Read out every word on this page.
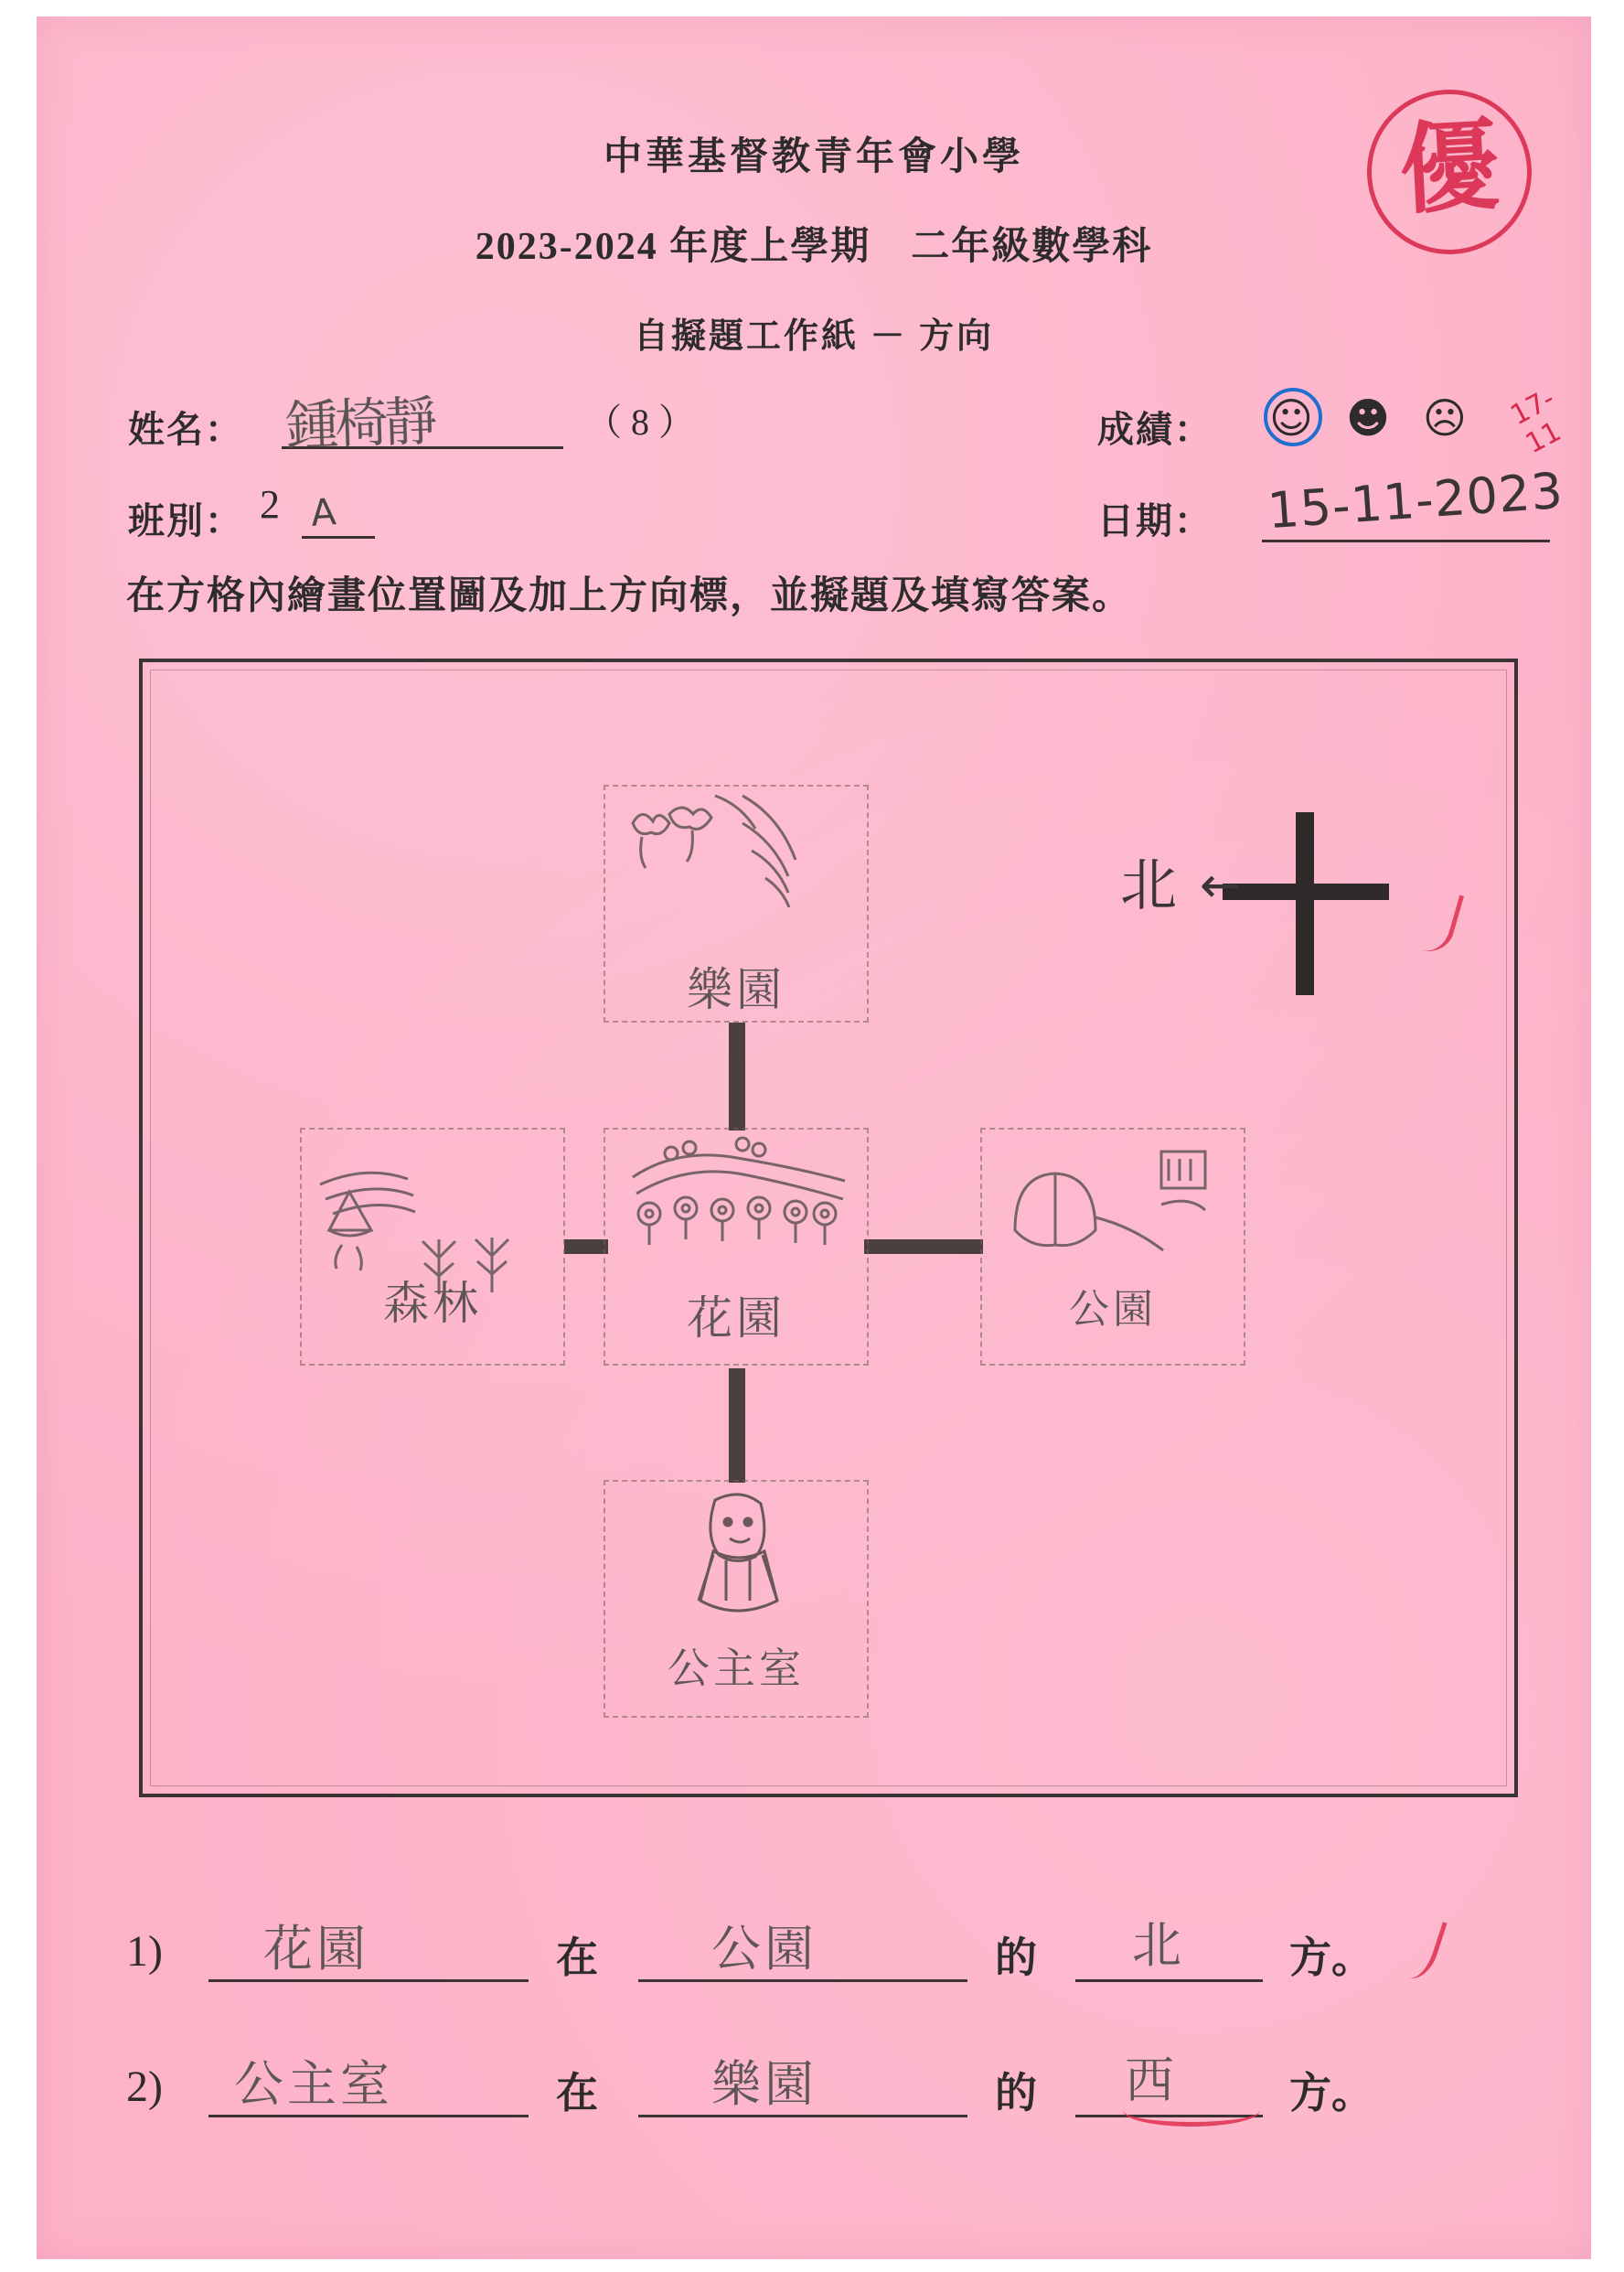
中華基督教青年會小學
2023-2024 年度上學期　二年級數學科
自擬題工作紙 － 方向
優
姓名： 鍾椅靜	（ 8 ）
班別： 2 A
成績： ☺☻☹
日期： 15-11-2023
17-11
在方格內繪畫位置圖及加上方向標，並擬題及填寫答案。
北 ←
樂園
森林	花園	公園
公主室
1) 花園	在 公園	的 北 方。
2) 公主室	在 樂園	的 西	方。
